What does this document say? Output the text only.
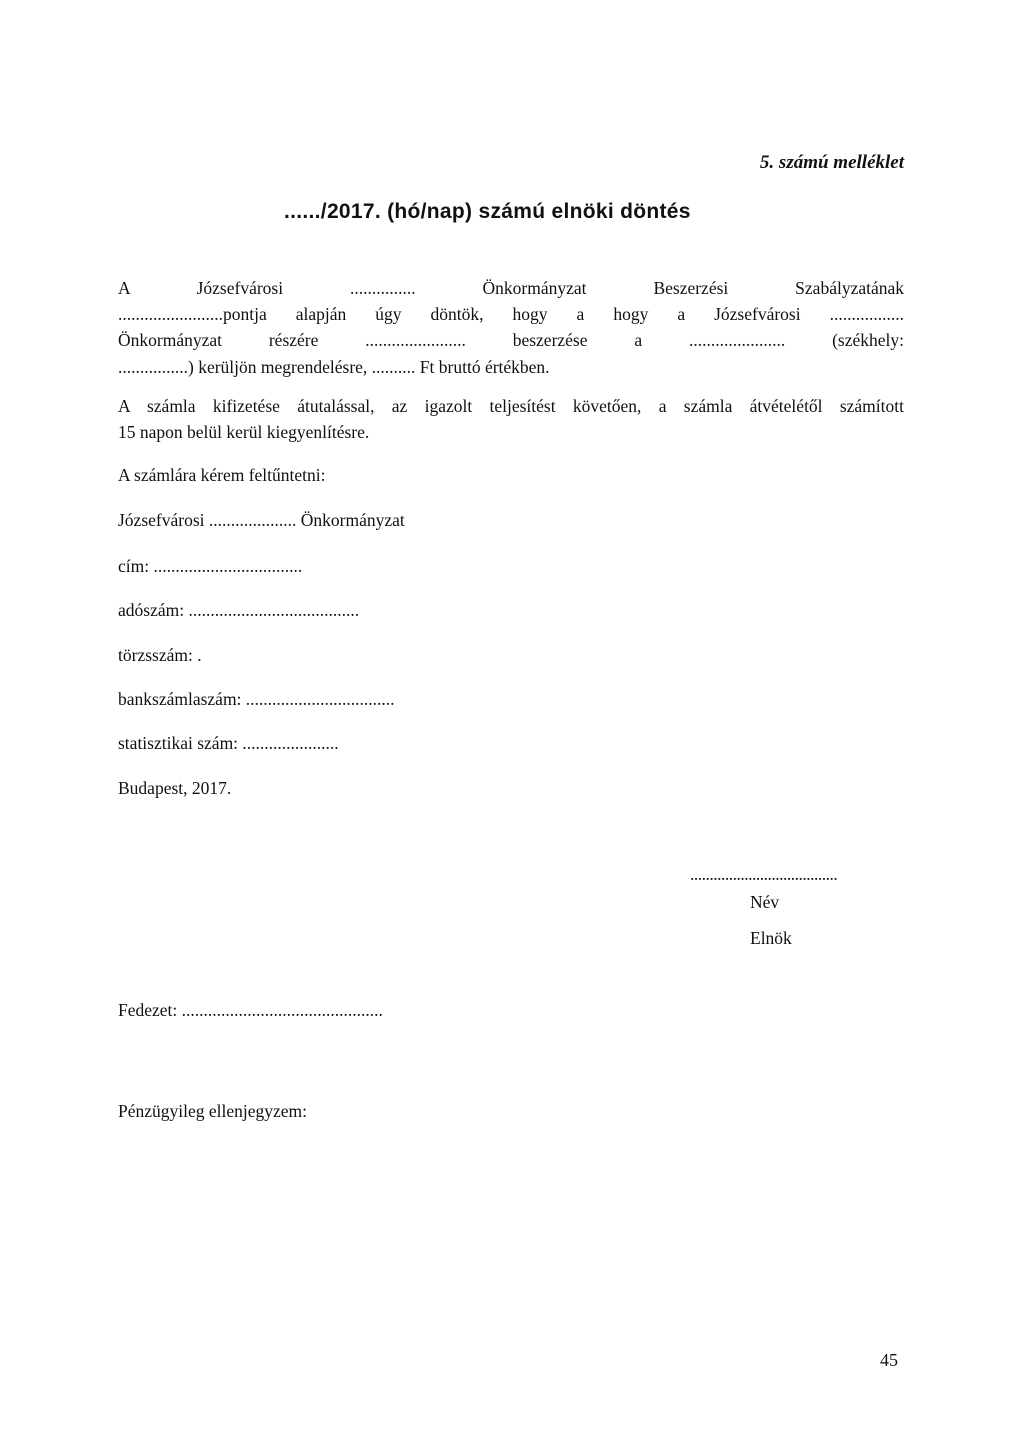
5. számú melléklet
....../2017. (hó/nap) számú elnöki döntés
A Józsefvárosi ............... Önkormányzat Beszerzési Szabályzatának
........................pontja alapján úgy döntök, hogy a hogy a Józsefvárosi .................
Önkormányzat részére ....................... beszerzése a ...................... (székhely:
................) kerüljön megrendelésre, .......... Ft bruttó értékben.
A számla kifizetése átutalással, az igazolt teljesítést követően, a számla átvételétől számított
15 napon belül kerül kiegyenlítésre.
A számlára kérem feltűntetni:
Józsefvárosi .................... Önkormányzat
cím: ..................................
adószám: .......................................
törzsszám: .
bankszámlaszám: ..................................
statisztikai szám: ......................
Budapest, 2017.
......................................
Név
Elnök
Fedezet: ..............................................
Pénzügyileg ellenjegyzem:
45
